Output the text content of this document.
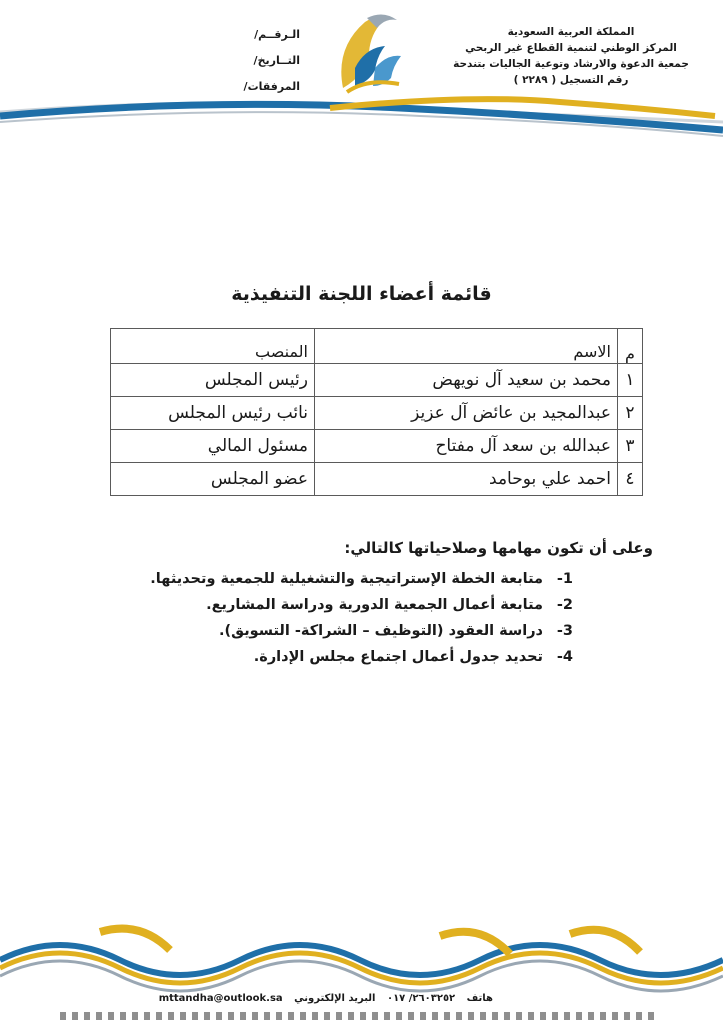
المملكة العربية السعودية
المركز الوطني لتنمية القطاع غير الربحي
جمعية الدعوة والارشاد وتوعية الجاليات بتندحة
رقم التسجيل ( ٢٢٨٩ )
الـرقــم/
التــاريخ/
المرفقات/
قائمة أعضاء اللجنة التنفيذية
م	الاسم	المنصب
١	محمد بن سعيد آل نويهض	رئيس المجلس
٢	عبدالمجيد بن عائض آل عزيز	نائب رئيس المجلس
٣	عبدالله بن سعد آل مفتاح	مسئول المالي
٤	احمد علي بوحامد	عضو المجلس
وعلى أن تكون مهامها وصلاحياتها كالتالي:
1-متابعة الخطة الإستراتيجية والتشغيلية للجمعية وتحديثها.
2-متابعة أعمال الجمعية الدورية ودراسة المشاريع.
3-دراسة العقود (التوظيف – الشراكة- التسويق).
4-تحديد جدول أعمال اجتماع مجلس الإدارة.
هاتف ٢٦٠٣٢٥٢/ ٠١٧ البريد الإلكتروني mttandha@outlook.sa
